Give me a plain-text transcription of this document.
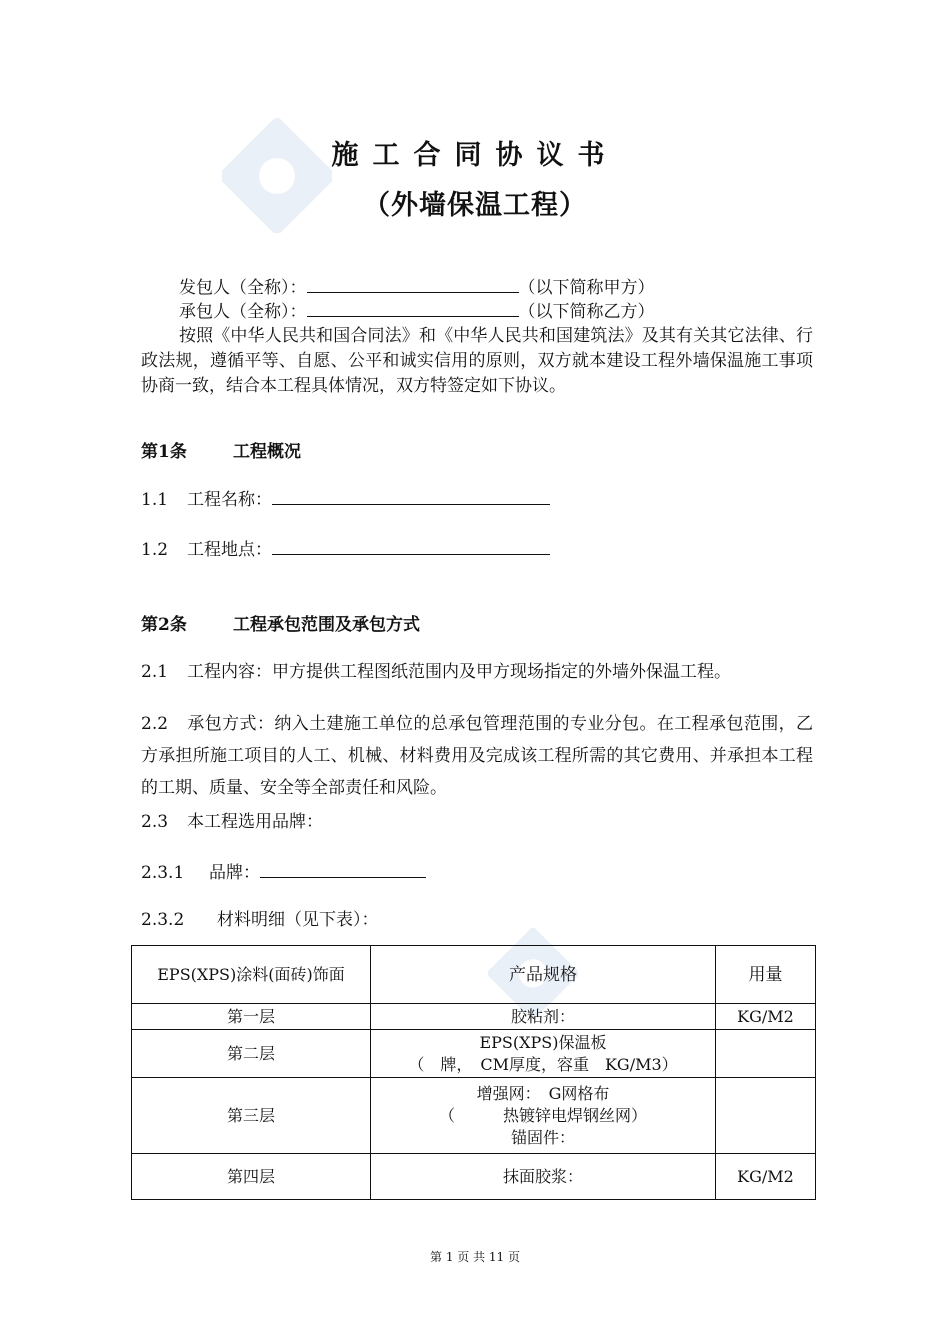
施工合同协议书
（外墙保温工程）
发包人（全称）：	（以下简称甲方）
承包人（全称）：	（以下简称乙方）
按照《中华人民共和国合同法》和《中华人民共和国建筑法》及其有关其它法律、行政法规，遵循平等、自愿、公平和诚实信用的原则，双方就本建设工程外墙保温施工事项协商一致，结合本工程具体情况，双方特签定如下协议。
第1条	工程概况
1.1 工程名称：
1.2 工程地点：
第2条	工程承包范围及承包方式
2.1 工程内容：甲方提供工程图纸范围内及甲方现场指定的外墙外保温工程。
2.2 承包方式：纳入土建施工单位的总承包管理范围的专业分包。在工程承包范围，乙方承担所施工项目的人工、机械、材料费用及完成该工程所需的其它费用、并承担本工程的工期、质量、安全等全部责任和风险。
2.3 本工程选用品牌：
2.3.1 品牌：
2.3.2 材料明细（见下表）：
EPS(XPS)涂料(面砖)饰面	产品规格	用量
第一层	胶粘剂：	KG/M2
第二层	EPS(XPS)保温板
（　牌，　CM厚度，容重　KG/M3）	

第三层	增强网：　G网格布
（　　　热镀锌电焊钢丝网）
锚固件：	

第四层	抹面胶浆：	KG/M2
第 1 页 共 11 页
